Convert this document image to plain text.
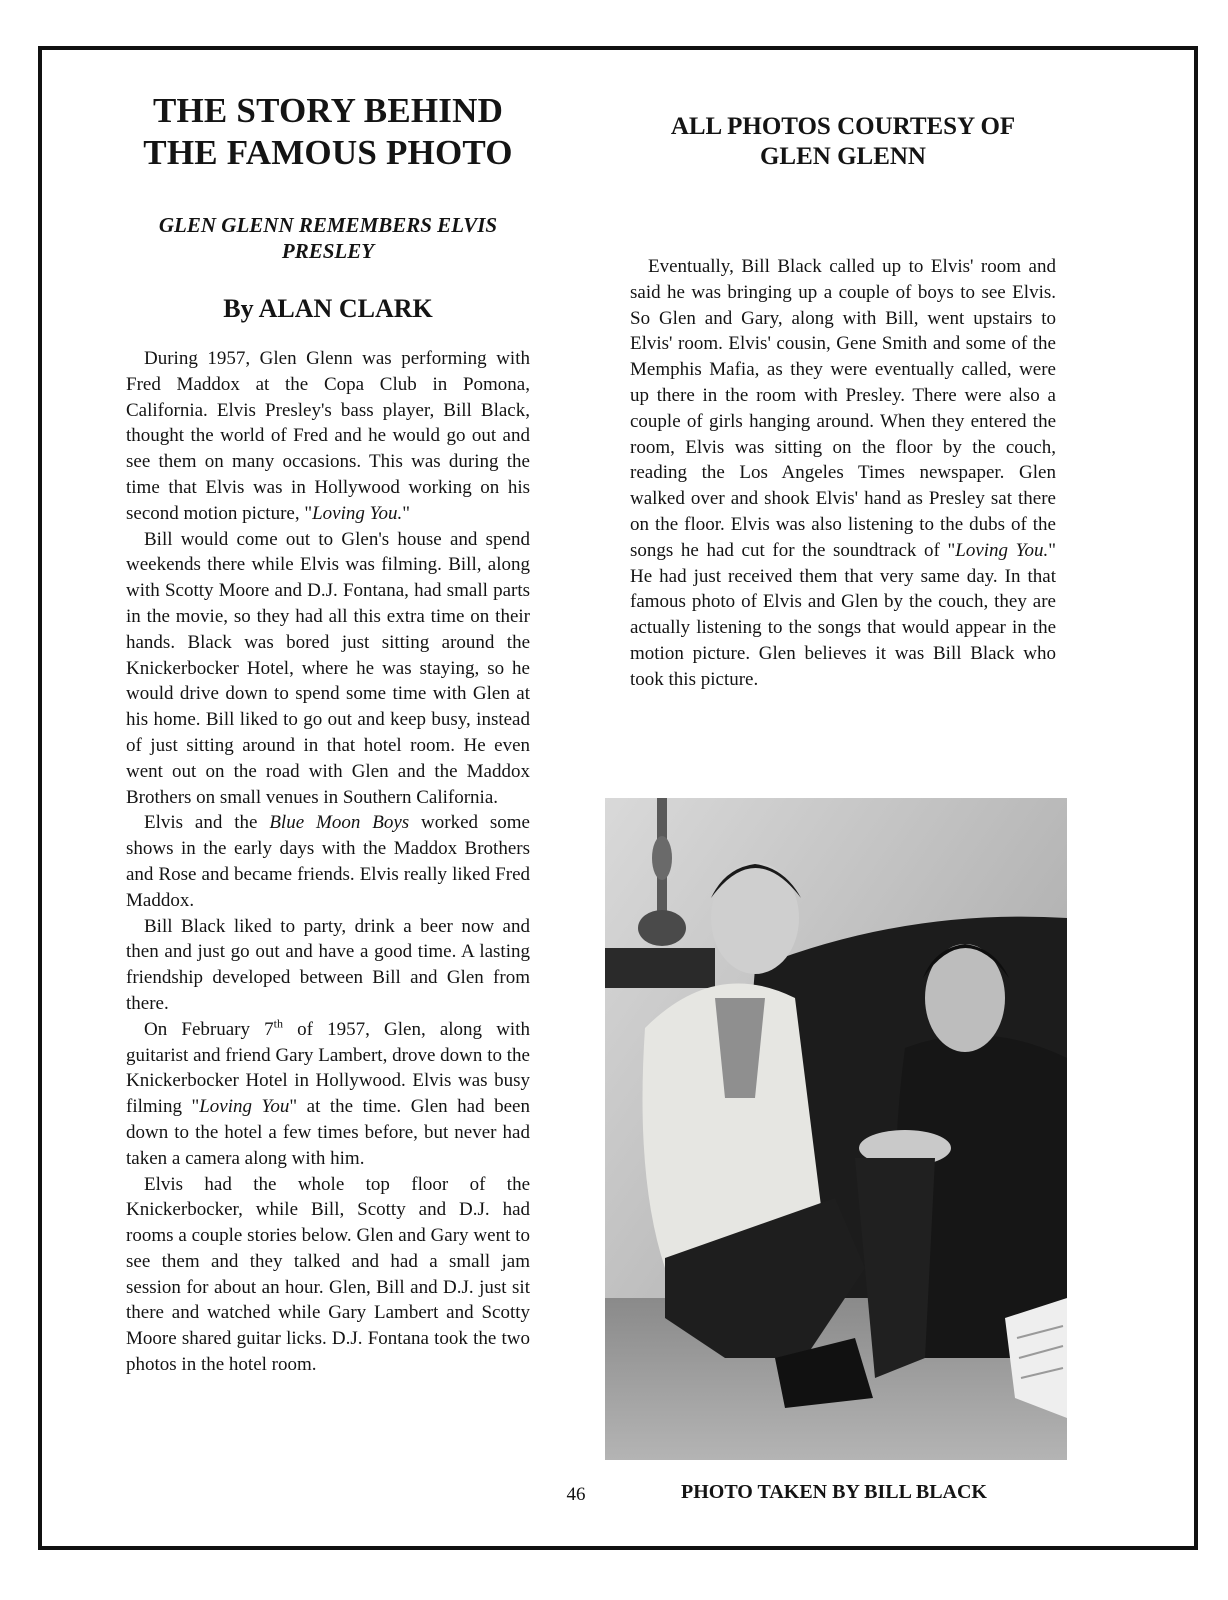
THE STORY BEHIND
THE FAMOUS PHOTO
GLEN GLENN REMEMBERS ELVIS
PRESLEY
By ALAN CLARK

During 1957, Glen Glenn was performing with Fred Maddox at the Copa Club in Pomona, California. Elvis Presley's bass player, Bill Black, thought the world of Fred and he would go out and see them on many occasions. This was during the time that Elvis was in Hollywood working on his second motion picture, "Loving You."

Bill would come out to Glen's house and spend weekends there while Elvis was filming. Bill, along with Scotty Moore and D.J. Fontana, had small parts in the movie, so they had all this extra time on their hands. Black was bored just sitting around the Knickerbocker Hotel, where he was staying, so he would drive down to spend some time with Glen at his home. Bill liked to go out and keep busy, instead of just sitting around in that hotel room. He even went out on the road with Glen and the Maddox Brothers on small venues in Southern California.

Elvis and the Blue Moon Boys worked some shows in the early days with the Maddox Brothers and Rose and became friends. Elvis really liked Fred Maddox.

Bill Black liked to party, drink a beer now and then and just go out and have a good time. A lasting friendship developed between Bill and Glen from there.

On February 7th of 1957, Glen, along with guitarist and friend Gary Lambert, drove down to the Knickerbocker Hotel in Hollywood. Elvis was busy filming "Loving You" at the time. Glen had been down to the hotel a few times before, but never had taken a camera along with him.

Elvis had the whole top floor of the Knickerbocker, while Bill, Scotty and D.J. had rooms a couple stories below. Glen and Gary went to see them and they talked and had a small jam session for about an hour. Glen, Bill and D.J. just sit there and watched while Gary Lambert and Scotty Moore shared guitar licks. D.J. Fontana took the two photos in the hotel room.

ALL PHOTOS COURTESY OF
GLEN GLENN

Eventually, Bill Black called up to Elvis' room and said he was bringing up a couple of boys to see Elvis. So Glen and Gary, along with Bill, went upstairs to Elvis' room. Elvis' cousin, Gene Smith and some of the Memphis Mafia, as they were eventually called, were up there in the room with Presley. There were also a couple of girls hanging around. When they entered the room, Elvis was sitting on the floor by the couch, reading the Los Angeles Times newspaper. Glen walked over and shook Elvis' hand as Presley sat there on the floor. Elvis was also listening to the dubs of the songs he had cut for the soundtrack of "Loving You." He had just received them that very same day. In that famous photo of Elvis and Glen by the couch, they are actually listening to the songs that would appear in the motion picture. Glen believes it was Bill Black who took this picture.

46	PHOTO TAKEN BY BILL BLACK
